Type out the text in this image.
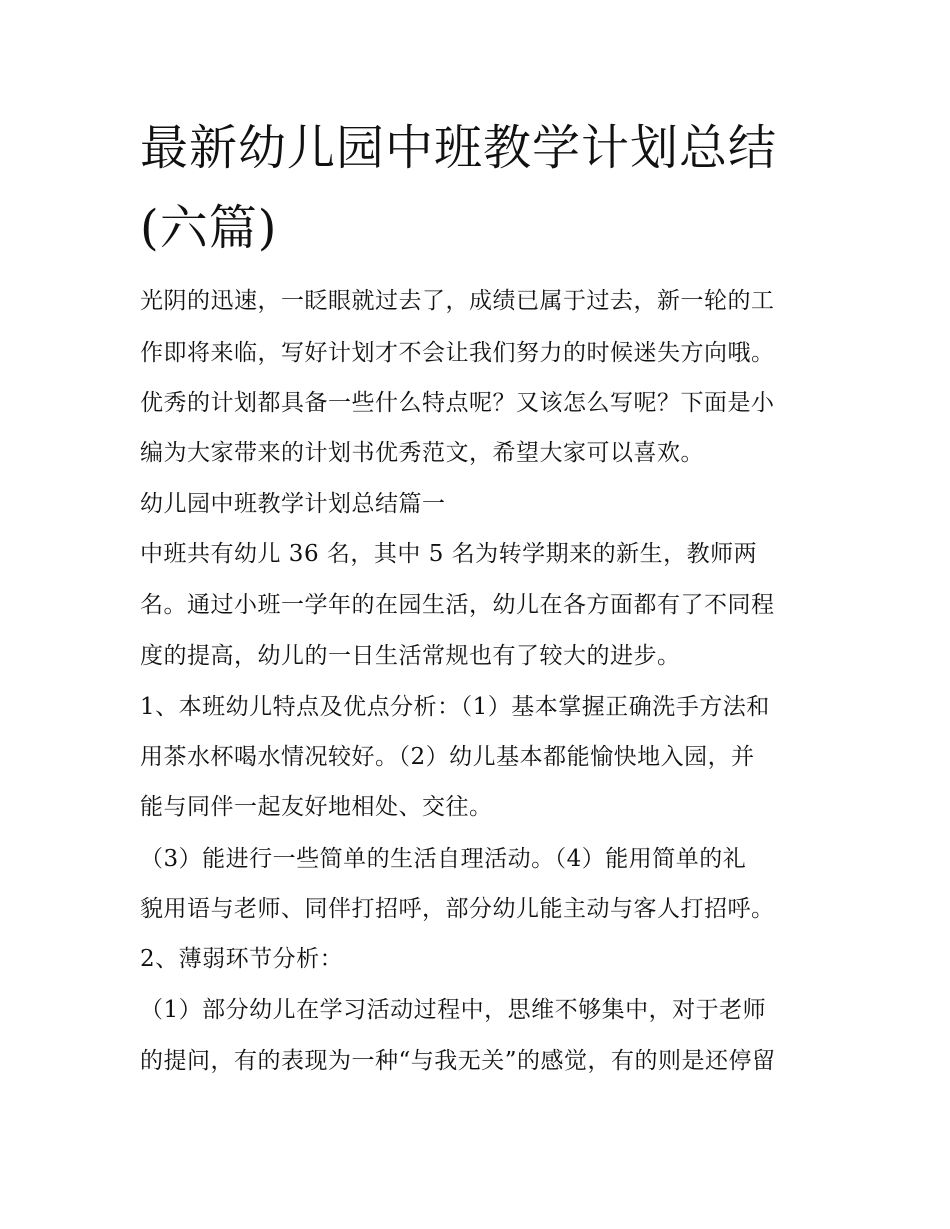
最新幼儿园中班教学计划总结
(六篇)

光阴的迅速，一眨眼就过去了，成绩已属于过去，新一轮的工

作即将来临，写好计划才不会让我们努力的时候迷失方向哦。

优秀的计划都具备一些什么特点呢？又该怎么写呢？下面是小

编为大家带来的计划书优秀范文，希望大家可以喜欢。

幼儿园中班教学计划总结篇一

中班共有幼儿 36 名，其中 5 名为转学期来的新生，教师两

名。通过小班一学年的在园生活，幼儿在各方面都有了不同程

度的提高，幼儿的一日生活常规也有了较大的进步。

1、本班幼儿特点及优点分析：（1）基本掌握正确洗手方法和

用茶水杯喝水情况较好。（2）幼儿基本都能愉快地入园，并

能与同伴一起友好地相处、交往。

（3）能进行一些简单的生活自理活动。（4）能用简单的礼

貌用语与老师、同伴打招呼，部分幼儿能主动与客人打招呼。

2、薄弱环节分析：

（1）部分幼儿在学习活动过程中，思维不够集中，对于老师

的提问，有的表现为一种“与我无关”的感觉，有的则是还停留
